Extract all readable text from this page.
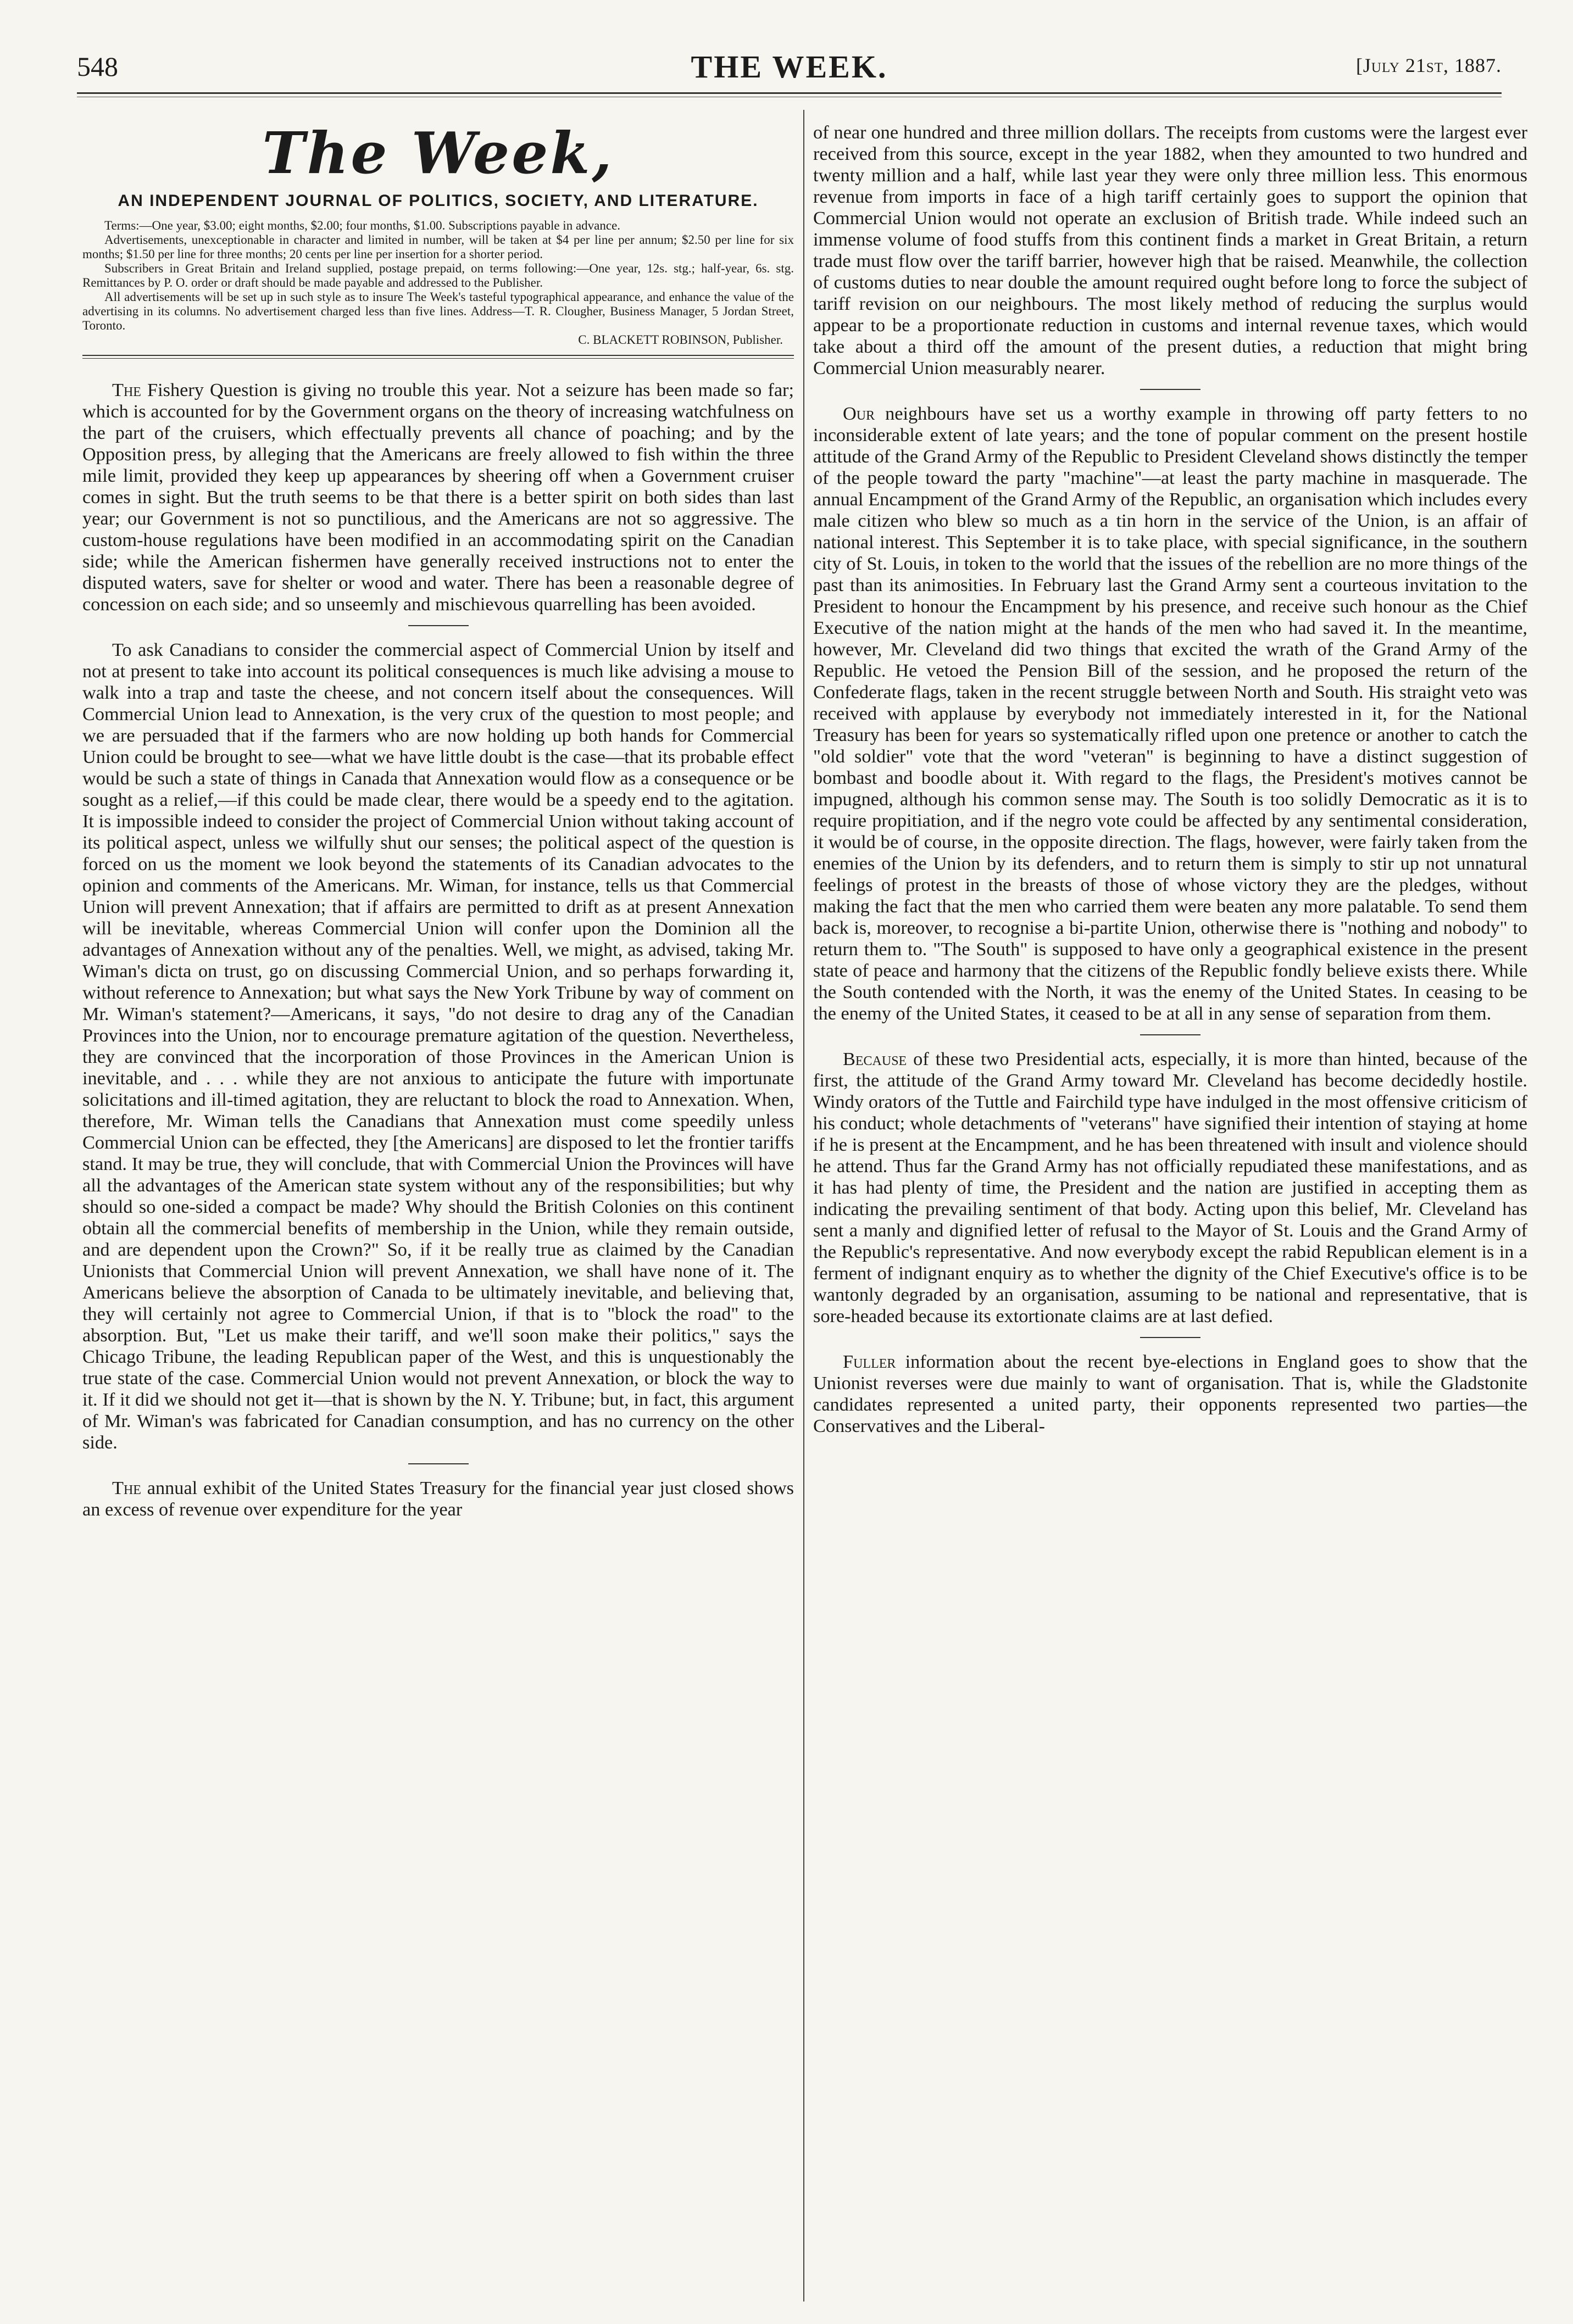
548	THE WEEK.	[July 21st, 1887.
The Week,
AN INDEPENDENT JOURNAL OF POLITICS, SOCIETY, AND LITERATURE.

Terms:—One year, $3.00; eight months, $2.00; four months, $1.00. Subscriptions payable in advance.

Advertisements, unexceptionable in character and limited in number, will be taken at $4 per line per annum; $2.50 per line for six months; $1.50 per line for three months; 20 cents per line per insertion for a shorter period.

Subscribers in Great Britain and Ireland supplied, postage prepaid, on terms following:—One year, 12s. stg.; half-year, 6s. stg. Remittances by P. O. order or draft should be made payable and addressed to the Publisher.

All advertisements will be set up in such style as to insure The Week's tasteful typographical appearance, and enhance the value of the advertising in its columns. No advertisement charged less than five lines. Address—T. R. Clougher, Business Manager, 5 Jordan Street, Toronto.

C. BLACKETT ROBINSON, Publisher.

The Fishery Question is giving no trouble this year. Not a seizure has been made so far; which is accounted for by the Government organs on the theory of increasing watchfulness on the part of the cruisers, which effectually prevents all chance of poaching; and by the Opposition press, by alleging that the Americans are freely allowed to fish within the three mile limit, provided they keep up appearances by sheering off when a Government cruiser comes in sight. But the truth seems to be that there is a better spirit on both sides than last year; our Government is not so punctilious, and the Americans are not so aggressive. The custom-house regulations have been modified in an accommodating spirit on the Canadian side; while the American fishermen have generally received instructions not to enter the disputed waters, save for shelter or wood and water. There has been a reasonable degree of concession on each side; and so unseemly and mischievous quarrelling has been avoided.

To ask Canadians to consider the commercial aspect of Commercial Union by itself and not at present to take into account its political consequences is much like advising a mouse to walk into a trap and taste the cheese, and not concern itself about the consequences. Will Commercial Union lead to Annexation, is the very crux of the question to most people; and we are persuaded that if the farmers who are now holding up both hands for Commercial Union could be brought to see—what we have little doubt is the case—that its probable effect would be such a state of things in Canada that Annexation would flow as a consequence or be sought as a relief,—if this could be made clear, there would be a speedy end to the agitation. It is impossible indeed to consider the project of Commercial Union without taking account of its political aspect, unless we wilfully shut our senses; the political aspect of the question is forced on us the moment we look beyond the statements of its Canadian advocates to the opinion and comments of the Americans. Mr. Wiman, for instance, tells us that Commercial Union will prevent Annexation; that if affairs are permitted to drift as at present Annexation will be inevitable, whereas Commercial Union will confer upon the Dominion all the advantages of Annexation without any of the penalties. Well, we might, as advised, taking Mr. Wiman's dicta on trust, go on discussing Commercial Union, and so perhaps forwarding it, without reference to Annexation; but what says the New York Tribune by way of comment on Mr. Wiman's statement?—Americans, it says, "do not desire to drag any of the Canadian Provinces into the Union, nor to encourage premature agitation of the question. Nevertheless, they are convinced that the incorporation of those Provinces in the American Union is inevitable, and . . . while they are not anxious to anticipate the future with importunate solicitations and ill-timed agitation, they are reluctant to block the road to Annexation. When, therefore, Mr. Wiman tells the Canadians that Annexation must come speedily unless Commercial Union can be effected, they [the Americans] are disposed to let the frontier tariffs stand. It may be true, they will conclude, that with Commercial Union the Provinces will have all the advantages of the American state system without any of the responsibilities; but why should so one-sided a compact be made? Why should the British Colonies on this continent obtain all the commercial benefits of membership in the Union, while they remain outside, and are dependent upon the Crown?" So, if it be really true as claimed by the Canadian Unionists that Commercial Union will prevent Annexation, we shall have none of it. The Americans believe the absorption of Canada to be ultimately inevitable, and believing that, they will certainly not agree to Commercial Union, if that is to "block the road" to the absorption. But, "Let us make their tariff, and we'll soon make their politics," says the Chicago Tribune, the leading Republican paper of the West, and this is unquestionably the true state of the case. Commercial Union would not prevent Annexation, or block the way to it. If it did we should not get it—that is shown by the N. Y. Tribune; but, in fact, this argument of Mr. Wiman's was fabricated for Canadian consumption, and has no currency on the other side.

The annual exhibit of the United States Treasury for the financial year just closed shows an excess of revenue over expenditure for the year

of near one hundred and three million dollars. The receipts from customs were the largest ever received from this source, except in the year 1882, when they amounted to two hundred and twenty million and a half, while last year they were only three million less. This enormous revenue from imports in face of a high tariff certainly goes to support the opinion that Commercial Union would not operate an exclusion of British trade. While indeed such an immense volume of food stuffs from this continent finds a market in Great Britain, a return trade must flow over the tariff barrier, however high that be raised. Meanwhile, the collection of customs duties to near double the amount required ought before long to force the subject of tariff revision on our neighbours. The most likely method of reducing the surplus would appear to be a proportionate reduction in customs and internal revenue taxes, which would take about a third off the amount of the present duties, a reduction that might bring Commercial Union measurably nearer.

Our neighbours have set us a worthy example in throwing off party fetters to no inconsiderable extent of late years; and the tone of popular comment on the present hostile attitude of the Grand Army of the Republic to President Cleveland shows distinctly the temper of the people toward the party "machine"—at least the party machine in masquerade. The annual Encampment of the Grand Army of the Republic, an organisation which includes every male citizen who blew so much as a tin horn in the service of the Union, is an affair of national interest. This September it is to take place, with special significance, in the southern city of St. Louis, in token to the world that the issues of the rebellion are no more things of the past than its animosities. In February last the Grand Army sent a courteous invitation to the President to honour the Encampment by his presence, and receive such honour as the Chief Executive of the nation might at the hands of the men who had saved it. In the meantime, however, Mr. Cleveland did two things that excited the wrath of the Grand Army of the Republic. He vetoed the Pension Bill of the session, and he proposed the return of the Confederate flags, taken in the recent struggle between North and South. His straight veto was received with applause by everybody not immediately interested in it, for the National Treasury has been for years so systematically rifled upon one pretence or another to catch the "old soldier" vote that the word "veteran" is beginning to have a distinct suggestion of bombast and boodle about it. With regard to the flags, the President's motives cannot be impugned, although his common sense may. The South is too solidly Democratic as it is to require propitiation, and if the negro vote could be affected by any sentimental consideration, it would be of course, in the opposite direction. The flags, however, were fairly taken from the enemies of the Union by its defenders, and to return them is simply to stir up not unnatural feelings of protest in the breasts of those of whose victory they are the pledges, without making the fact that the men who carried them were beaten any more palatable. To send them back is, moreover, to recognise a bi-partite Union, otherwise there is "nothing and nobody" to return them to. "The South" is supposed to have only a geographical existence in the present state of peace and harmony that the citizens of the Republic fondly believe exists there. While the South contended with the North, it was the enemy of the United States. In ceasing to be the enemy of the United States, it ceased to be at all in any sense of separation from them.

Because of these two Presidential acts, especially, it is more than hinted, because of the first, the attitude of the Grand Army toward Mr. Cleveland has become decidedly hostile. Windy orators of the Tuttle and Fairchild type have indulged in the most offensive criticism of his conduct; whole detachments of "veterans" have signified their intention of staying at home if he is present at the Encampment, and he has been threatened with insult and violence should he attend. Thus far the Grand Army has not officially repudiated these manifestations, and as it has had plenty of time, the President and the nation are justified in accepting them as indicating the prevailing sentiment of that body. Acting upon this belief, Mr. Cleveland has sent a manly and dignified letter of refusal to the Mayor of St. Louis and the Grand Army of the Republic's representative. And now everybody except the rabid Republican element is in a ferment of indignant enquiry as to whether the dignity of the Chief Executive's office is to be wantonly degraded by an organisation, assuming to be national and representative, that is sore-headed because its extortionate claims are at last defied.

Fuller information about the recent bye-elections in England goes to show that the Unionist reverses were due mainly to want of organisation. That is, while the Gladstonite candidates represented a united party, their opponents represented two parties—the Conservatives and the Liberal-
